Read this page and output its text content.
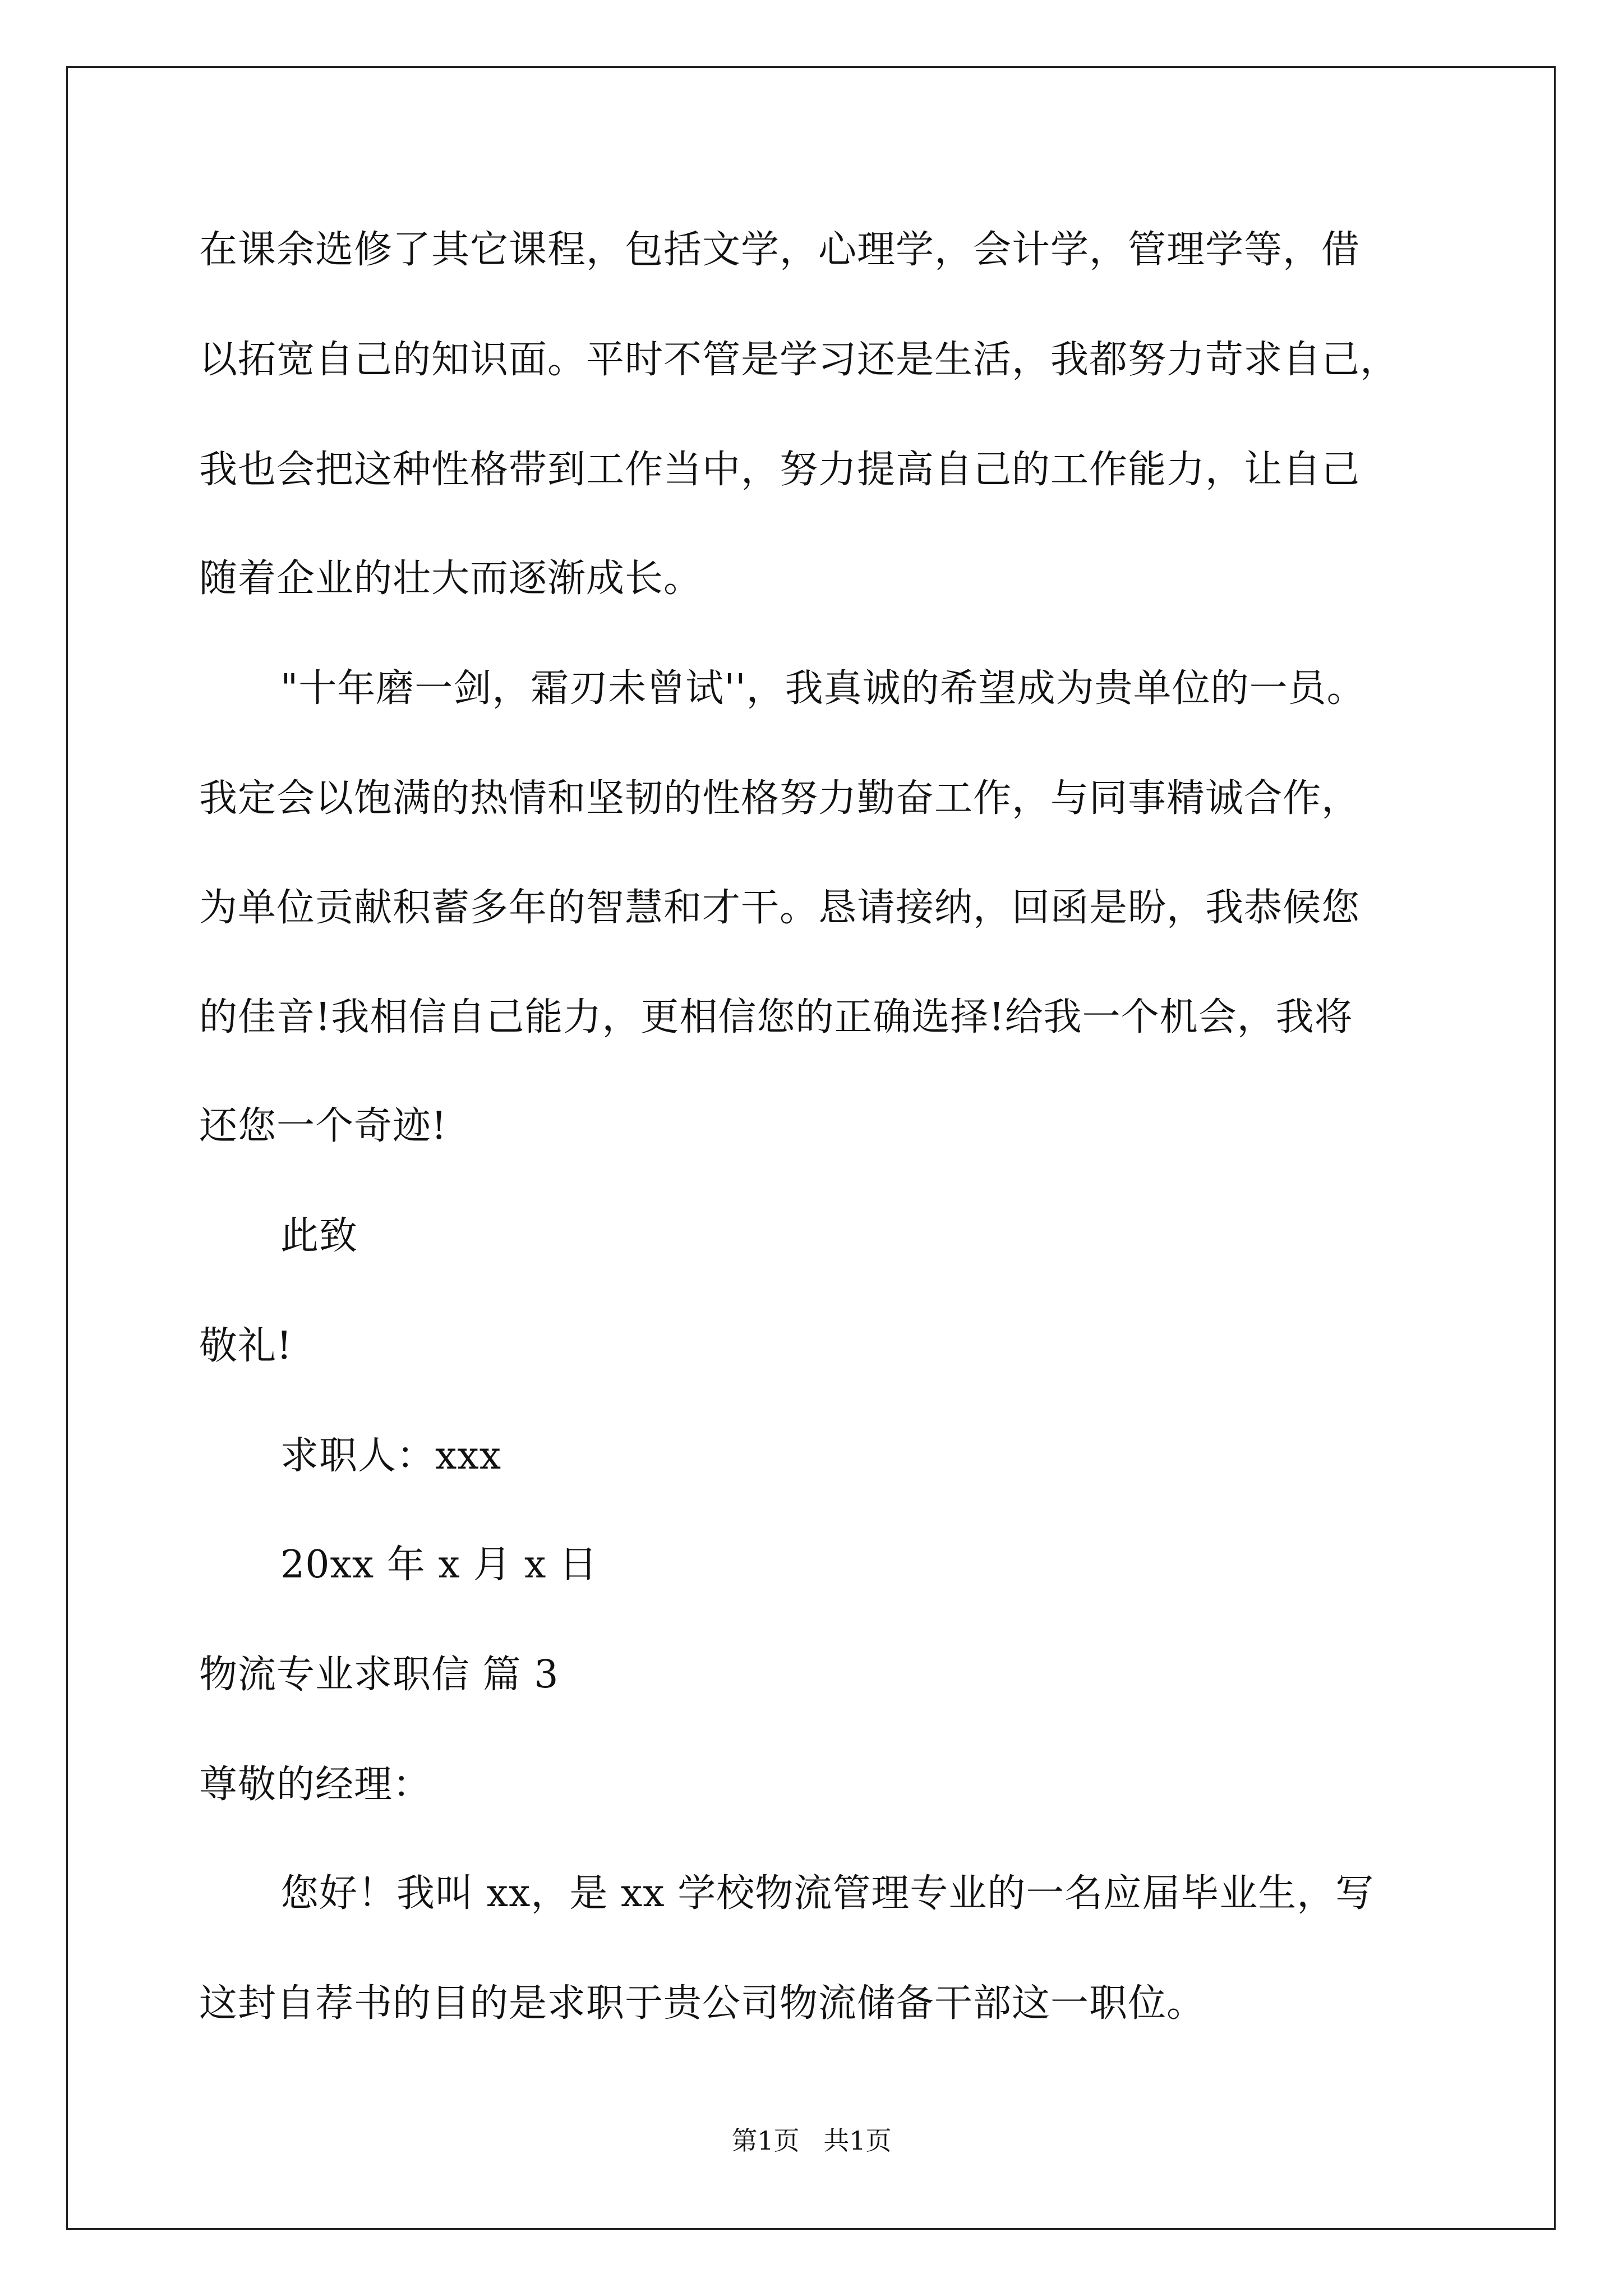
在课余选修了其它课程，包括文学，心理学，会计学，管理学等，借
以拓宽自己的知识面。平时不管是学习还是生活，我都努力苛求自己，
我也会把这种性格带到工作当中，努力提高自己的工作能力，让自己
随着企业的壮大而逐渐成长。
"十年磨一剑，霜刃未曾试''，我真诚的希望成为贵单位的一员。
我定会以饱满的热情和坚韧的性格努力勤奋工作，与同事精诚合作，
为单位贡献积蓄多年的智慧和才干。恳请接纳，回函是盼，我恭候您
的佳音!我相信自己能力，更相信您的正确选择!给我一个机会，我将
还您一个奇迹!
此致
敬礼!
求职人：xxx
20xx 年 x 月 x 日
物流专业求职信 篇 3
尊敬的经理：
您好！我叫 xx，是 xx 学校物流管理专业的一名应届毕业生，写
这封自荐书的目的是求职于贵公司物流储备干部这一职位。
第1页 共1页
